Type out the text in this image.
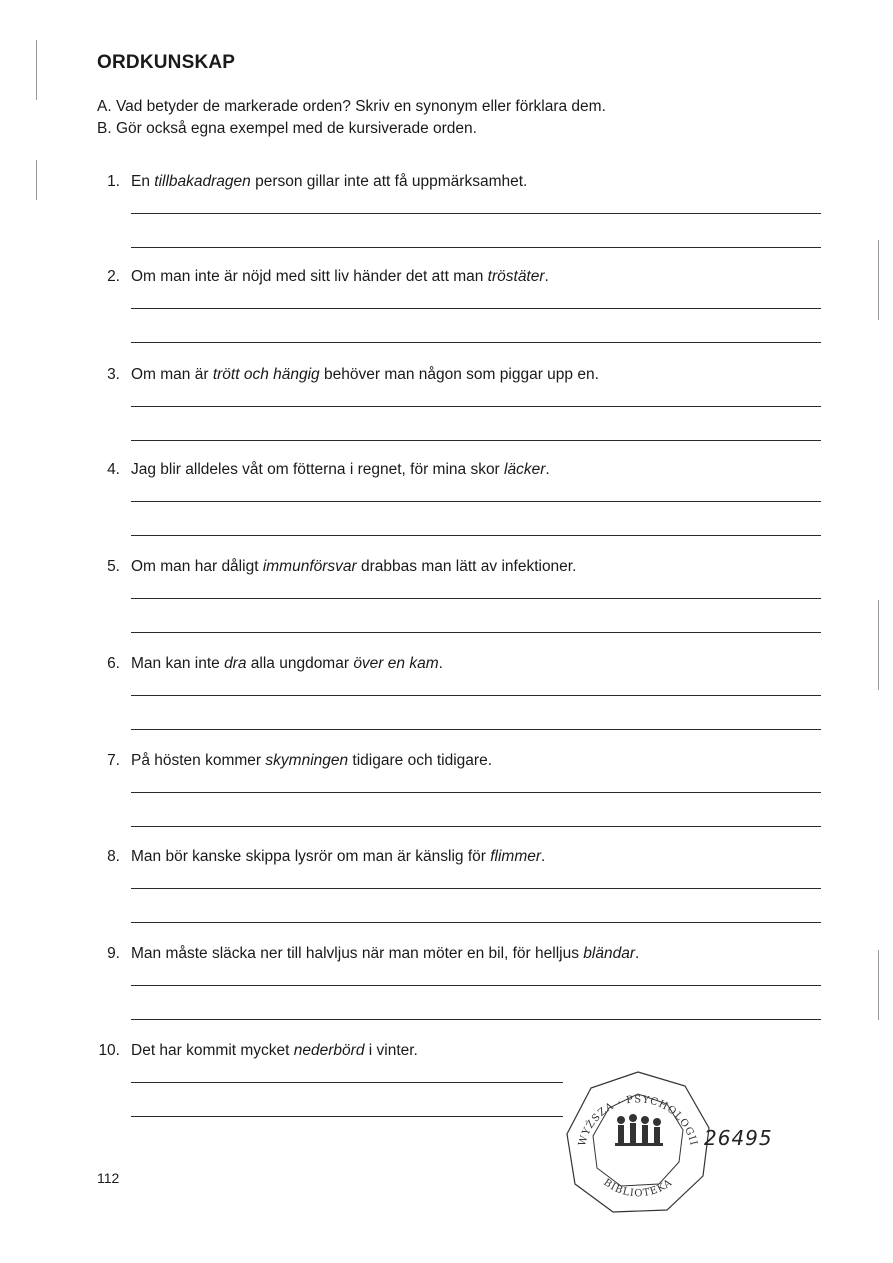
ORDKUNSKAP
A. Vad betyder de markerade orden? Skriv en synonym eller förklara dem.
B. Gör också egna exempel med de kursiverade orden.
1. En tillbakadragen person gillar inte att få uppmärksamhet.
2. Om man inte är nöjd med sitt liv händer det att man tröstäter.
3. Om man är trött och hängig behöver man någon som piggar upp en.
4. Jag blir alldeles våt om fötterna i regnet, för mina skor läcker.
5. Om man har dåligt immunförsvar drabbas man lätt av infektioner.
6. Man kan inte dra alla ungdomar över en kam.
7. På hösten kommer skymningen tidigare och tidigare.
8. Man bör kanske skippa lysrör om man är känslig för flimmer.
9. Man måste släcka ner till halvljus när man möter en bil, för helljus bländar.
10. Det har kommit mycket nederbörd i vinter.
112
WYŻSZA · PSYCHOLOGII
BIBLIOTEKA
26495
